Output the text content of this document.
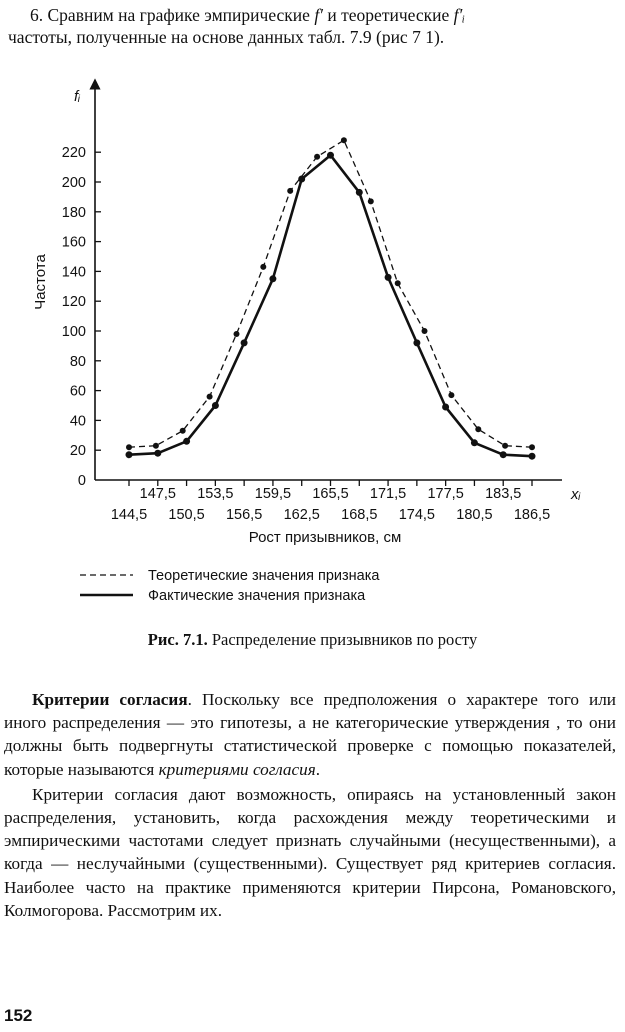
6. Сравним на графике эмпирические f′ и теоретические f′ᵢ
частоты, полученные на основе данных табл. 7.9 (рис 7 1).
0
20
40
60
80
100
120
140
160
180
200
220
147,5 153,5 159,5 165,5 171,5 177,5 183,5
144,5 150,5 156,5 162,5 168,5 174,5 180,5 186,5
fᵢ
xᵢ
Частота
Рост призывников, см
Теоретические значения признака
Фактические значения признака

Рис. 7.1. Распределение призывников по росту

Критерии согласия. Поскольку все предположения о характере того или иного распределения — это гипотезы, а не категорические утверждения , то они должны быть подвергнуты статистической проверке с помощью показателей, которые называются критериями согласия.

Критерии согласия дают возможность, опираясь на установленный закон распределения, установить, когда расхождения между теоретическими и эмпирическими частотами следует признать случайными (несущественными), а когда — неслучайными (существенными). Существует ряд критериев согласия. Наиболее часто на практике применяются критерии Пирсона, Романовского, Колмогорова. Рассмотрим их.

152
